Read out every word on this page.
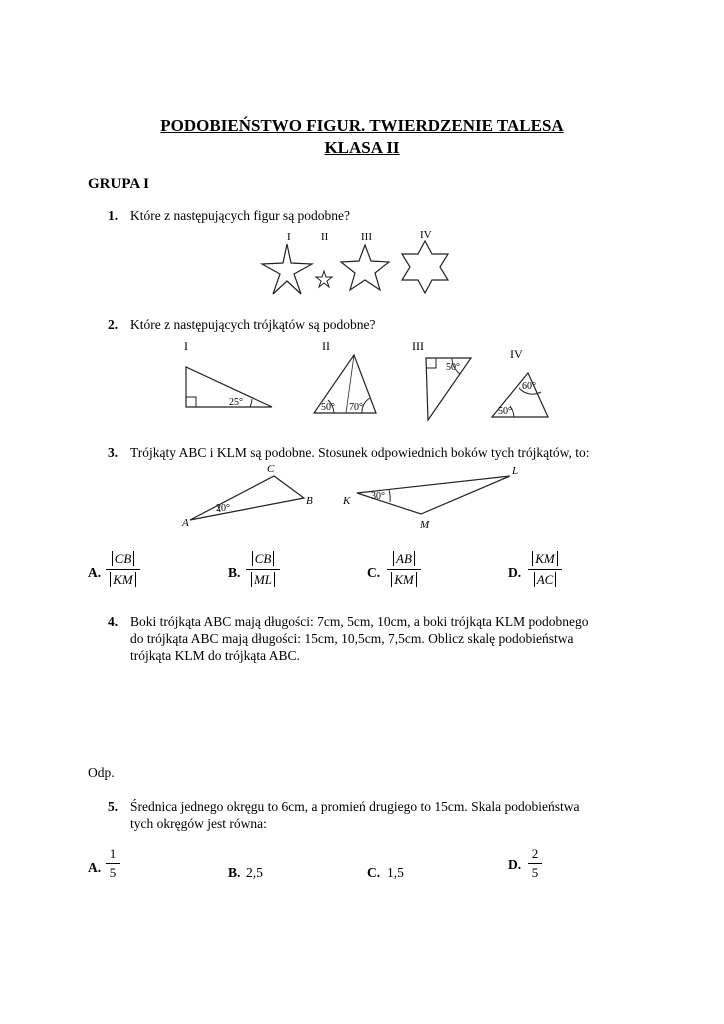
PODOBIEŃSTWO FIGUR. TWIERDZENIE TALESA
KLASA II
GRUPA I
1. Które z następujących figur są podobne?
I	II	III	IV
2. Które z następujących trójkątów są podobne?
I	II	III
IV
25°	50° 70°
50°
60°
50°
3. Trójkąty ABC i KLM są podobne. Stosunek odpowiednich boków tych trójkątów, to:
20°
A
B
C
30°
K
L
M
A.
CB
KM	B.
CB
ML	C.
AB
KM	D.
KM
AC
4. Boki trójkąta ABC mają długości: 7cm, 5cm, 10cm, a boki trójkąta KLM podobnego
do trójkąta ABC mają długości: 15cm, 10,5cm, 7,5cm. Oblicz skalę podobieństwa
trójkąta KLM do trójkąta ABC.
Odp.
5. Średnica jednego okręgu to 6cm, a promień drugiego to 15cm. Skala podobieństwa
tych okręgów jest równa:
A.
1
5	B. 2,5	C. 1,5
D.
2
5
